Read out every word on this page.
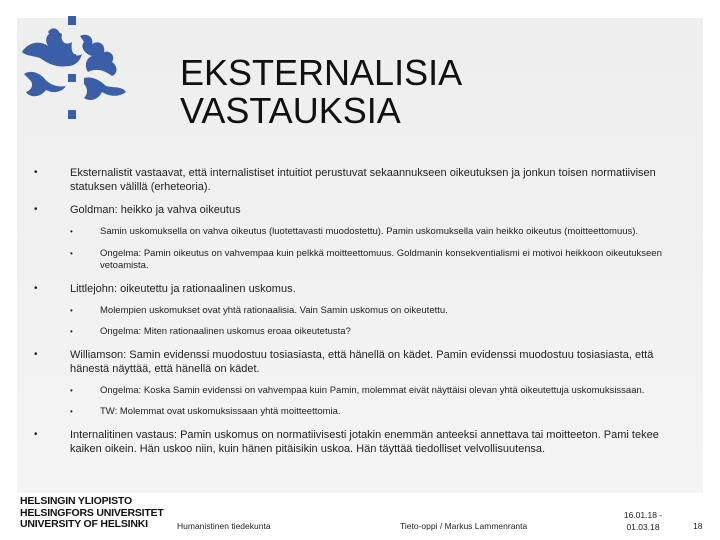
EKSTERNALISIA
VASTAUKSIA
•	Eksternalistit vastaavat, että internalistiset intuitiot perustuvat sekaannukseen oikeutuksen ja jonkun toisen normatiivisen statuksen välillä (erheteoria).
•	Goldman: heikko ja vahva oikeutus
•	Samin uskomuksella on vahva oikeutus (luotettavasti muodostettu). Pamin uskomuksella vain heikko oikeutus (moitteettomuus).
•	Ongelma: Pamin oikeutus on vahvempaa kuin pelkkä moitteettomuus. Goldmanin konsekventialismi ei motivoi heikkoon oikeutukseen vetoamista.
•	Littlejohn: oikeutettu ja rationaalinen uskomus.
•	Molempien uskomukset ovat yhtä rationaalisia. Vain Samin uskomus on oikeutettu.
•	Ongelma: Miten rationaalinen uskomus eroaa oikeutetusta?
•	Williamson: Samin evidenssi muodostuu tosiasiasta, että hänellä on kädet. Pamin evidenssi muodostuu tosiasiasta, että hänestä näyttää, että hänellä on kädet.
•	Ongelma: Koska Samin evidenssi on vahvempaa kuin Pamin, molemmat eivät näyttäisi olevan yhtä oikeutettuja uskomuksissaan.
•	TW: Molemmat ovat uskomuksissaan yhtä moitteettomia.
•	Internalitinen vastaus: Pamin uskomus on normatiivisesti jotakin enemmän anteeksi annettava tai moitteeton. Pami tekee kaiken oikein. Hän uskoo niin, kuin hänen pitäisikin uskoa. Hän täyttää tiedolliset velvollisuutensa.
HELSINGIN YLIOPISTO
HELSINGFORS UNIVERSITET
UNIVERSITY OF HELSINKI	Humanistinen tiedekunta	Tieto-oppi / Markus Lammenranta
16.01.18 -
01.03.18	18
